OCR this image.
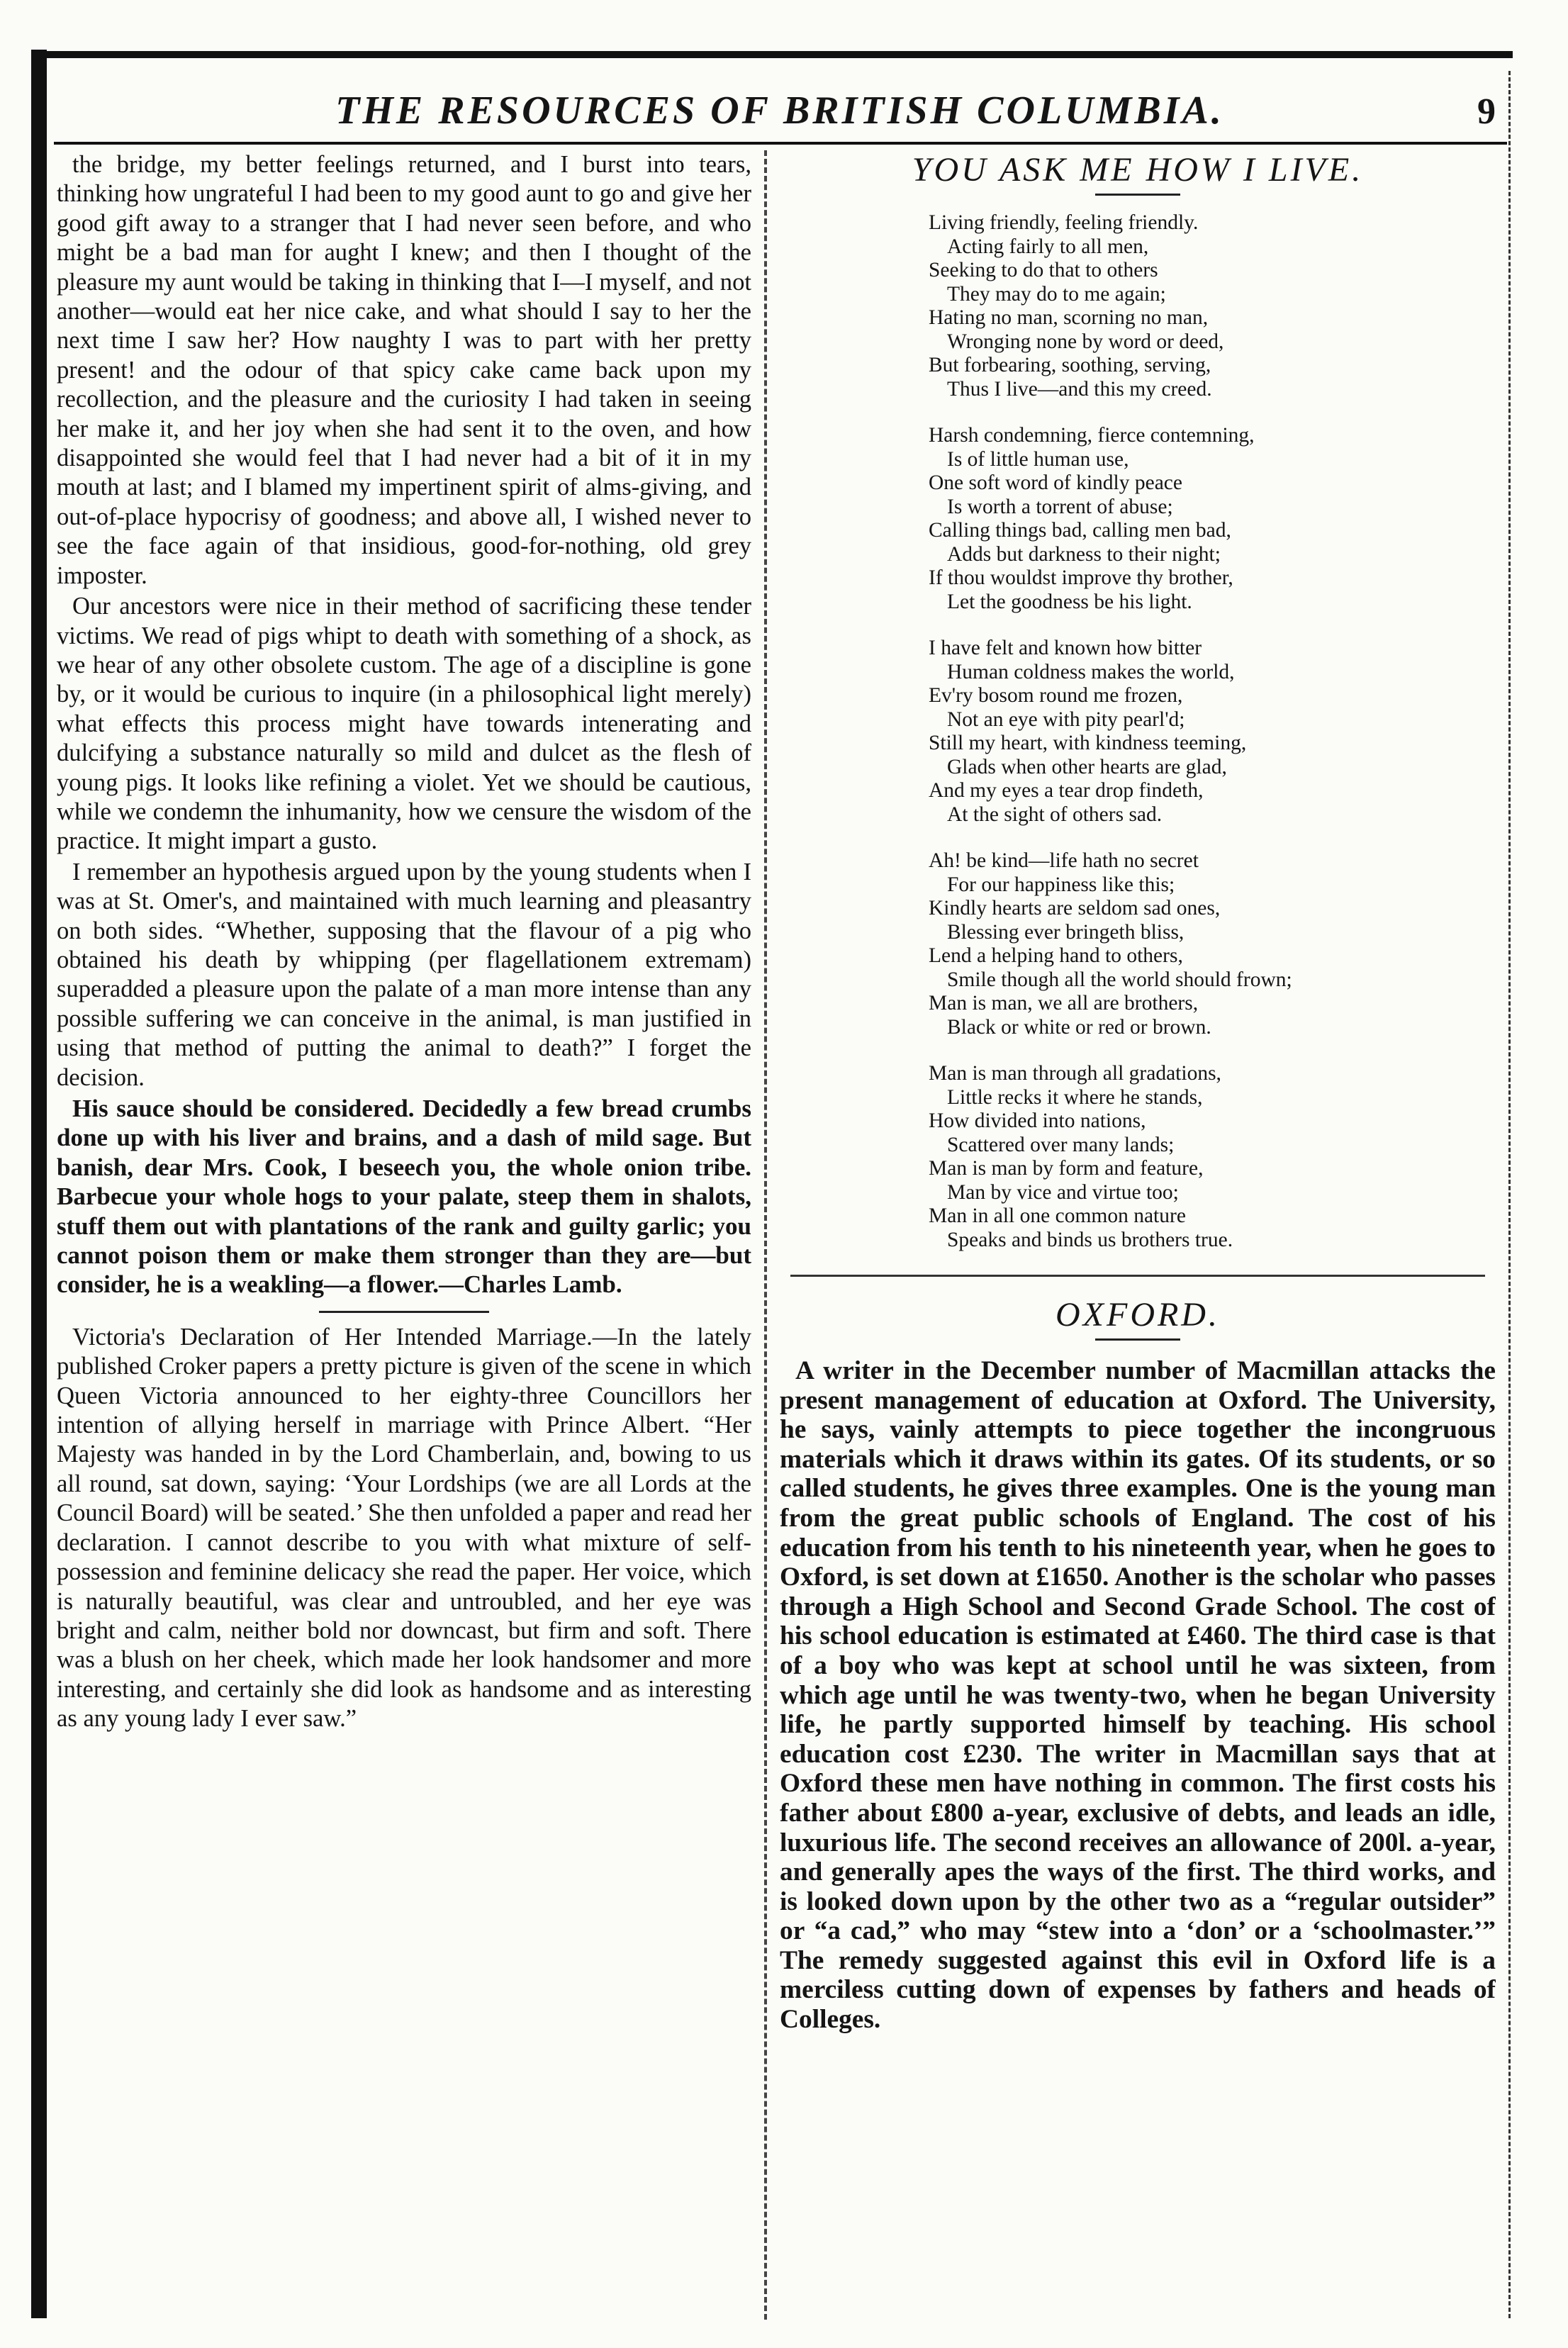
THE RESOURCES OF BRITISH COLUMBIA.	9

the bridge, my better feelings returned, and I burst into tears, thinking how ungrateful I had been to my good aunt to go and give her good gift away to a stranger that I had never seen before, and who might be a bad man for aught I knew; and then I thought of the pleasure my aunt would be taking in thinking that I—I myself, and not another—would eat her nice cake, and what should I say to her the next time I saw her? How naughty I was to part with her pretty present! and the odour of that spicy cake came back upon my recollection, and the pleasure and the curiosity I had taken in seeing her make it, and her joy when she had sent it to the oven, and how disappointed she would feel that I had never had a bit of it in my mouth at last; and I blamed my impertinent spirit of alms-giving, and out-of-place hypocrisy of goodness; and above all, I wished never to see the face again of that insidious, good-for-nothing, old grey imposter.

Our ancestors were nice in their method of sacrificing these tender victims. We read of pigs whipt to death with something of a shock, as we hear of any other obsolete custom. The age of a discipline is gone by, or it would be curious to inquire (in a philosophical light merely) what effects this process might have towards intenerating and dulcifying a substance naturally so mild and dulcet as the flesh of young pigs. It looks like refining a violet. Yet we should be cautious, while we condemn the inhumanity, how we censure the wisdom of the practice. It might impart a gusto.

I remember an hypothesis argued upon by the young students when I was at St. Omer's, and maintained with much learning and pleasantry on both sides. “Whether, supposing that the flavour of a pig who obtained his death by whipping (per flagellationem extremam) superadded a pleasure upon the palate of a man more intense than any possible suffering we can conceive in the animal, is man justified in using that method of putting the animal to death?” I forget the decision.

His sauce should be considered. Decidedly a few bread crumbs done up with his liver and brains, and a dash of mild sage. But banish, dear Mrs. Cook, I beseech you, the whole onion tribe. Barbecue your whole hogs to your palate, steep them in shalots, stuff them out with plantations of the rank and guilty garlic; you cannot poison them or make them stronger than they are—but consider, he is a weakling—a flower.—Charles Lamb.

Victoria's Declaration of Her Intended Marriage.—In the lately published Croker papers a pretty picture is given of the scene in which Queen Victoria announced to her eighty-three Councillors her intention of allying herself in marriage with Prince Albert. “Her Majesty was handed in by the Lord Chamberlain, and, bowing to us all round, sat down, saying: ‘Your Lordships (we are all Lords at the Council Board) will be seated.’ She then unfolded a paper and read her declaration. I cannot describe to you with what mixture of self-possession and feminine delicacy she read the paper. Her voice, which is naturally beautiful, was clear and untroubled, and her eye was bright and calm, neither bold nor downcast, but firm and soft. There was a blush on her cheek, which made her look handsomer and more interesting, and certainly she did look as handsome and as interesting as any young lady I ever saw.”

YOU ASK ME HOW I LIVE.
Living friendly, feeling friendly.
Acting fairly to all men,
Seeking to do that to others
They may do to me again;
Hating no man, scorning no man,
Wronging none by word or deed,
But forbearing, soothing, serving,
Thus I live—and this my creed.
Harsh condemning, fierce contemning,
Is of little human use,
One soft word of kindly peace
Is worth a torrent of abuse;
Calling things bad, calling men bad,
Adds but darkness to their night;
If thou wouldst improve thy brother,
Let the goodness be his light.
I have felt and known how bitter
Human coldness makes the world,
Ev'ry bosom round me frozen,
Not an eye with pity pearl'd;
Still my heart, with kindness teeming,
Glads when other hearts are glad,
And my eyes a tear drop findeth,
At the sight of others sad.
Ah! be kind—life hath no secret
For our happiness like this;
Kindly hearts are seldom sad ones,
Blessing ever bringeth bliss,
Lend a helping hand to others,
Smile though all the world should frown;
Man is man, we all are brothers,
Black or white or red or brown.
Man is man through all gradations,
Little recks it where he stands,
How divided into nations,
Scattered over many lands;
Man is man by form and feature,
Man by vice and virtue too;
Man in all one common nature
Speaks and binds us brothers true.
OXFORD.

A writer in the December number of Macmillan attacks the present management of education at Oxford. The University, he says, vainly attempts to piece together the incongruous materials which it draws within its gates. Of its students, or so called students, he gives three examples. One is the young man from the great public schools of England. The cost of his education from his tenth to his nineteenth year, when he goes to Oxford, is set down at £1650. Another is the scholar who passes through a High School and Second Grade School. The cost of his school education is estimated at £460. The third case is that of a boy who was kept at school until he was sixteen, from which age until he was twenty-two, when he began University life, he partly supported himself by teaching. His school education cost £230. The writer in Macmillan says that at Oxford these men have nothing in common. The first costs his father about £800 a-year, exclusive of debts, and leads an idle, luxurious life. The second receives an allowance of 200l. a-year, and generally apes the ways of the first. The third works, and is looked down upon by the other two as a “regular outsider” or “a cad,” who may “stew into a ‘don’ or a ‘schoolmaster.’” The remedy suggested against this evil in Oxford life is a merciless cutting down of expenses by fathers and heads of Colleges.
